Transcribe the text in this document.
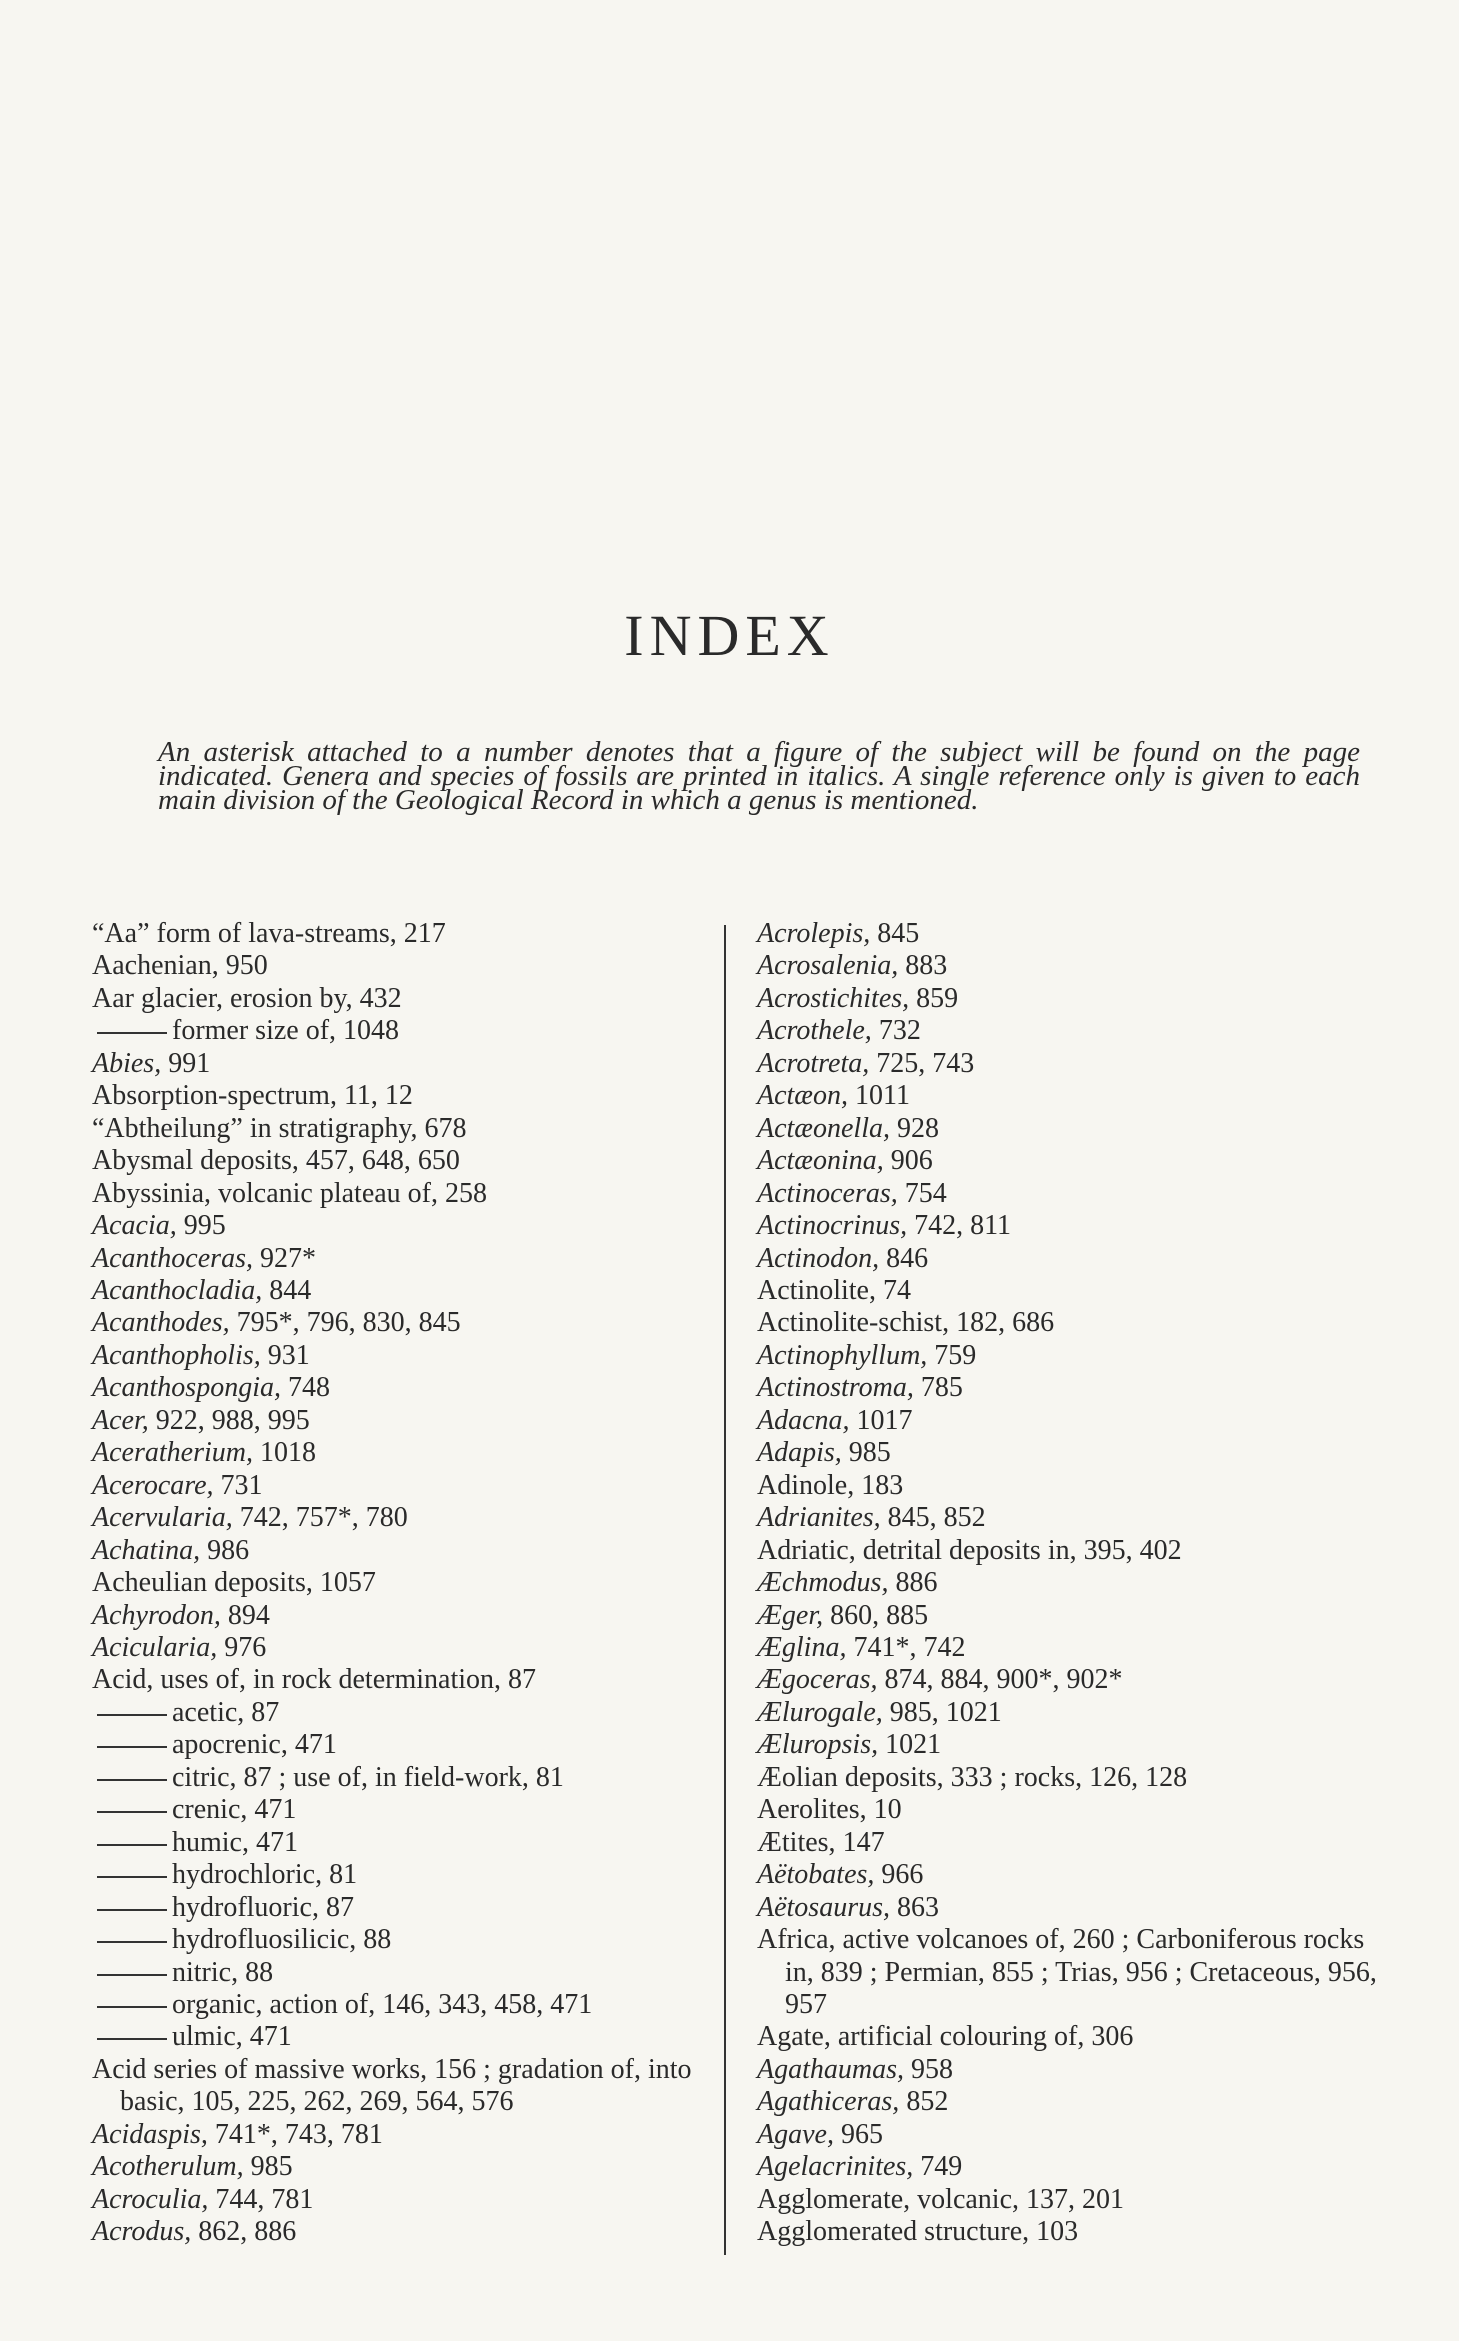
INDEX

An asterisk attached to a number denotes that a figure of the subject will be found on the page indicated. Genera and species of fossils are printed in italics. A single reference only is given to each main division of the Geological Record in which a genus is mentioned.

“Aa” form of lava-streams, 217
Aachenian, 950
Aar glacier, erosion by, 432
former size of, 1048
Abies, 991
Absorption-spectrum, 11, 12
“Abtheilung” in stratigraphy, 678
Abysmal deposits, 457, 648, 650
Abyssinia, volcanic plateau of, 258
Acacia, 995
Acanthoceras, 927*
Acanthocladia, 844
Acanthodes, 795*, 796, 830, 845
Acanthopholis, 931
Acanthospongia, 748
Acer, 922, 988, 995
Aceratherium, 1018
Acerocare, 731
Acervularia, 742, 757*, 780
Achatina, 986
Acheulian deposits, 1057
Achyrodon, 894
Acicularia, 976
Acid, uses of, in rock determination, 87
acetic, 87
apocrenic, 471
citric, 87 ; use of, in field-work, 81
crenic, 471
humic, 471
hydrochloric, 81
hydrofluoric, 87
hydrofluosilicic, 88
nitric, 88
organic, action of, 146, 343, 458, 471
ulmic, 471
Acid series of massive works, 156 ; gradation of, into basic, 105, 225, 262, 269, 564, 576
Acidaspis, 741*, 743, 781
Acotherulum, 985
Acroculia, 744, 781
Acrodus, 862, 886
Acrolepis, 845
Acrosalenia, 883
Acrostichites, 859
Acrothele, 732
Acrotreta, 725, 743
Actæon, 1011
Actæonella, 928
Actæonina, 906
Actinoceras, 754
Actinocrinus, 742, 811
Actinodon, 846
Actinolite, 74
Actinolite-schist, 182, 686
Actinophyllum, 759
Actinostroma, 785
Adacna, 1017
Adapis, 985
Adinole, 183
Adrianites, 845, 852
Adriatic, detrital deposits in, 395, 402
Æchmodus, 886
Æger, 860, 885
Æglina, 741*, 742
Ægoceras, 874, 884, 900*, 902*
Ælurogale, 985, 1021
Æluropsis, 1021
Æolian deposits, 333 ; rocks, 126, 128
Aerolites, 10
Ætites, 147
Aëtobates, 966
Aëtosaurus, 863
Africa, active volcanoes of, 260 ; Carboniferous rocks in, 839 ; Permian, 855 ; Trias, 956 ; Cretaceous, 956, 957
Agate, artificial colouring of, 306
Agathaumas, 958
Agathiceras, 852
Agave, 965
Agelacrinites, 749
Agglomerate, volcanic, 137, 201
Agglomerated structure, 103
